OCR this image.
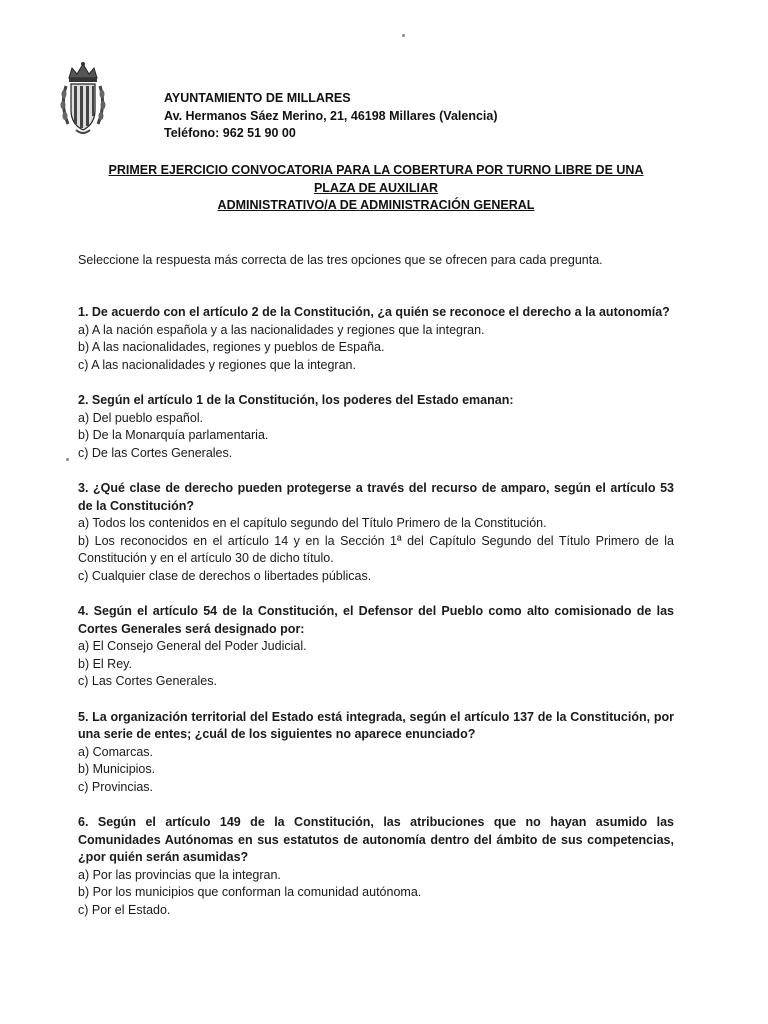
AYUNTAMIENTO DE MILLARES
Av. Hermanos Sáez Merino, 21, 46198 Millares (Valencia)
Teléfono: 962 51 90 00
PRIMER EJERCICIO CONVOCATORIA PARA LA COBERTURA POR TURNO LIBRE DE UNA
PLAZA DE AUXILIAR
ADMINISTRATIVO/A DE ADMINISTRACIÓN GENERAL
Seleccione la respuesta más correcta de las tres opciones que se ofrecen para cada pregunta.
1. De acuerdo con el artículo 2 de la Constitución, ¿a quién se reconoce el derecho a la autonomía?
a) A la nación española y a las nacionalidades y regiones que la integran.
b) A las nacionalidades, regiones y pueblos de España.
c) A las nacionalidades y regiones que la integran.
2. Según el artículo 1 de la Constitución, los poderes del Estado emanan:
a) Del pueblo español.
b) De la Monarquía parlamentaria.
c) De las Cortes Generales.
3. ¿Qué clase de derecho pueden protegerse a través del recurso de amparo, según el artículo 53 de la Constitución?
a) Todos los contenidos en el capítulo segundo del Título Primero de la Constitución.
b) Los reconocidos en el artículo 14 y en la Sección 1ª del Capítulo Segundo del Título Primero de la Constitución y en el artículo 30 de dicho título.
c) Cualquier clase de derechos o libertades públicas.
4. Según el artículo 54 de la Constitución, el Defensor del Pueblo como alto comisionado de las Cortes Generales será designado por:
a) El Consejo General del Poder Judicial.
b) El Rey.
c) Las Cortes Generales.
5. La organización territorial del Estado está integrada, según el artículo 137 de la Constitución, por una serie de entes; ¿cuál de los siguientes no aparece enunciado?
a) Comarcas.
b) Municipios.
c) Provincias.
6. Según el artículo 149 de la Constitución, las atribuciones que no hayan asumido las Comunidades Autónomas en sus estatutos de autonomía dentro del ámbito de sus competencias, ¿por quién serán asumidas?
a) Por las provincias que la integran.
b) Por los municipios que conforman la comunidad autónoma.
c) Por el Estado.
